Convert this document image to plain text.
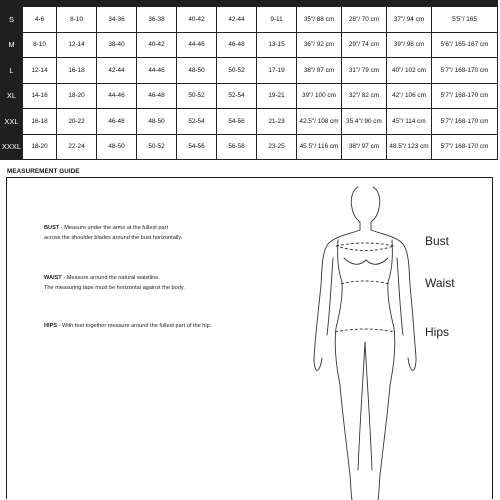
S	4-6	8-10	34-36	36-38	40-42	42-44	9-11	35"/ 88 cm	28"/ 70 cm	37"/ 94 cm	5'5"/ 165
M	8-10	12-14	38-40	40-42	44-46	46-48	13-15	36"/ 92 cm	29"/ 74 cm	39"/ 98 cm	5'6"/ 165-167 cm
L	12-14	16-18	42-44	44-46	48-50	50-52	17-19	38"/ 97 cm	31"/ 79 cm	40"/ 102 cm	5'7"/ 168-170 cm
XL	14-16	18-20	44-46	46-48	50-52	52-54	19-21	39"/ 100 cm	32"/ 82 cm	42"/ 106 cm	5'7"/ 168-170 cm
XXL	16-18	20-22	46-48	48-50	52-54	54-56	21-23	42.5"/ 108 cm	35.4"/ 90 cm	45"/ 114 cm	5'7"/ 168-170 cm
XXXL	18-20	22-24	48-50	50-52	54-56	56-58	23-25	45.5"/ 116 cm	38"/ 97 cm	48.5"/ 123 cm	5'7"/ 168-170 cm
MEASUREMENT GUIDE
BUST - Measure under the arms at the fullest part
across the shoulder blades around the bust horizontally.
WAIST - Measure around the natural waistline.
The measuring tape must be horizontal against the body.
HIPS - With feet together measure around the fullest part of the hip.
Bust
Waist
Hips
